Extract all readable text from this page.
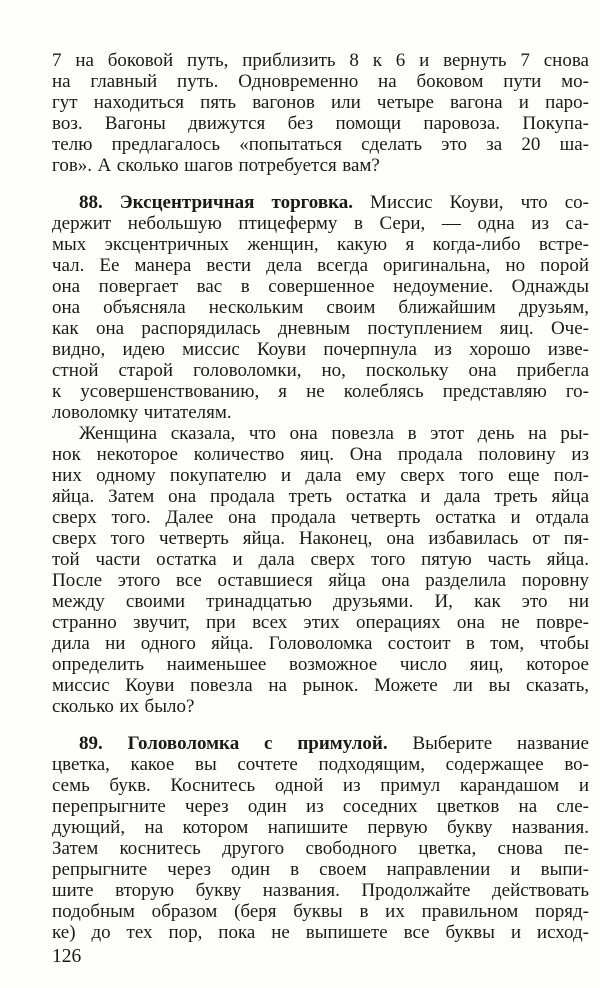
7 на боковой путь, приблизить 8 к 6 и вернуть 7 снова
на главный путь. Одновременно на боковом пути мо-
гут находиться пять вагонов или четыре вагона и паро-
воз. Вагоны движутся без помощи паровоза. Покупа-
телю предлагалось «попытаться сделать это за 20 ша-
гов». А сколько шагов потребуется вам?
88. Эксцентричная торговка. Миссис Коуви, что со-
держит небольшую птицеферму в Сери, — одна из са-
мых эксцентричных женщин, какую я когда-либо встре-
чал. Ее манера вести дела всегда оригинальна, но порой
она повергает вас в совершенное недоумение. Однажды
она объясняла нескольким своим ближайшим друзьям,
как она распорядилась дневным поступлением яиц. Оче-
видно, идею миссис Коуви почерпнула из хорошо изве-
стной старой головоломки, но, поскольку она прибегла
к усовершенствованию, я не колеблясь представляю го-
ловоломку читателям.
Женщина сказала, что она повезла в этот день на ры-
нок некоторое количество яиц. Она продала половину из
них одному покупателю и дала ему сверх того еще пол-
яйца. Затем она продала треть остатка и дала треть яйца
сверх того. Далее она продала четверть остатка и отдала
сверх того четверть яйца. Наконец, она избавилась от пя-
той части остатка и дала сверх того пятую часть яйца.
После этого все оставшиеся яйца она разделила поровну
между своими тринадцатью друзьями. И, как это ни
странно звучит, при всех этих операциях она не повре-
дила ни одного яйца. Головоломка состоит в том, чтобы
определить наименьшее возможное число яиц, которое
миссис Коуви повезла на рынок. Можете ли вы сказать,
сколько их было?
89. Головоломка с примулой. Выберите название
цветка, какое вы сочтете подходящим, содержащее во-
семь букв. Коснитесь одной из примул карандашом и
перепрыгните через один из соседних цветков на сле-
дующий, на котором напишите первую букву названия.
Затем коснитесь другого свободного цветка, снова пе-
репрыгните через один в своем направлении и выпи-
шите вторую букву названия. Продолжайте действовать
подобным образом (беря буквы в их правильном поряд-
ке) до тех пор, пока не выпишете все буквы и исход-
126
